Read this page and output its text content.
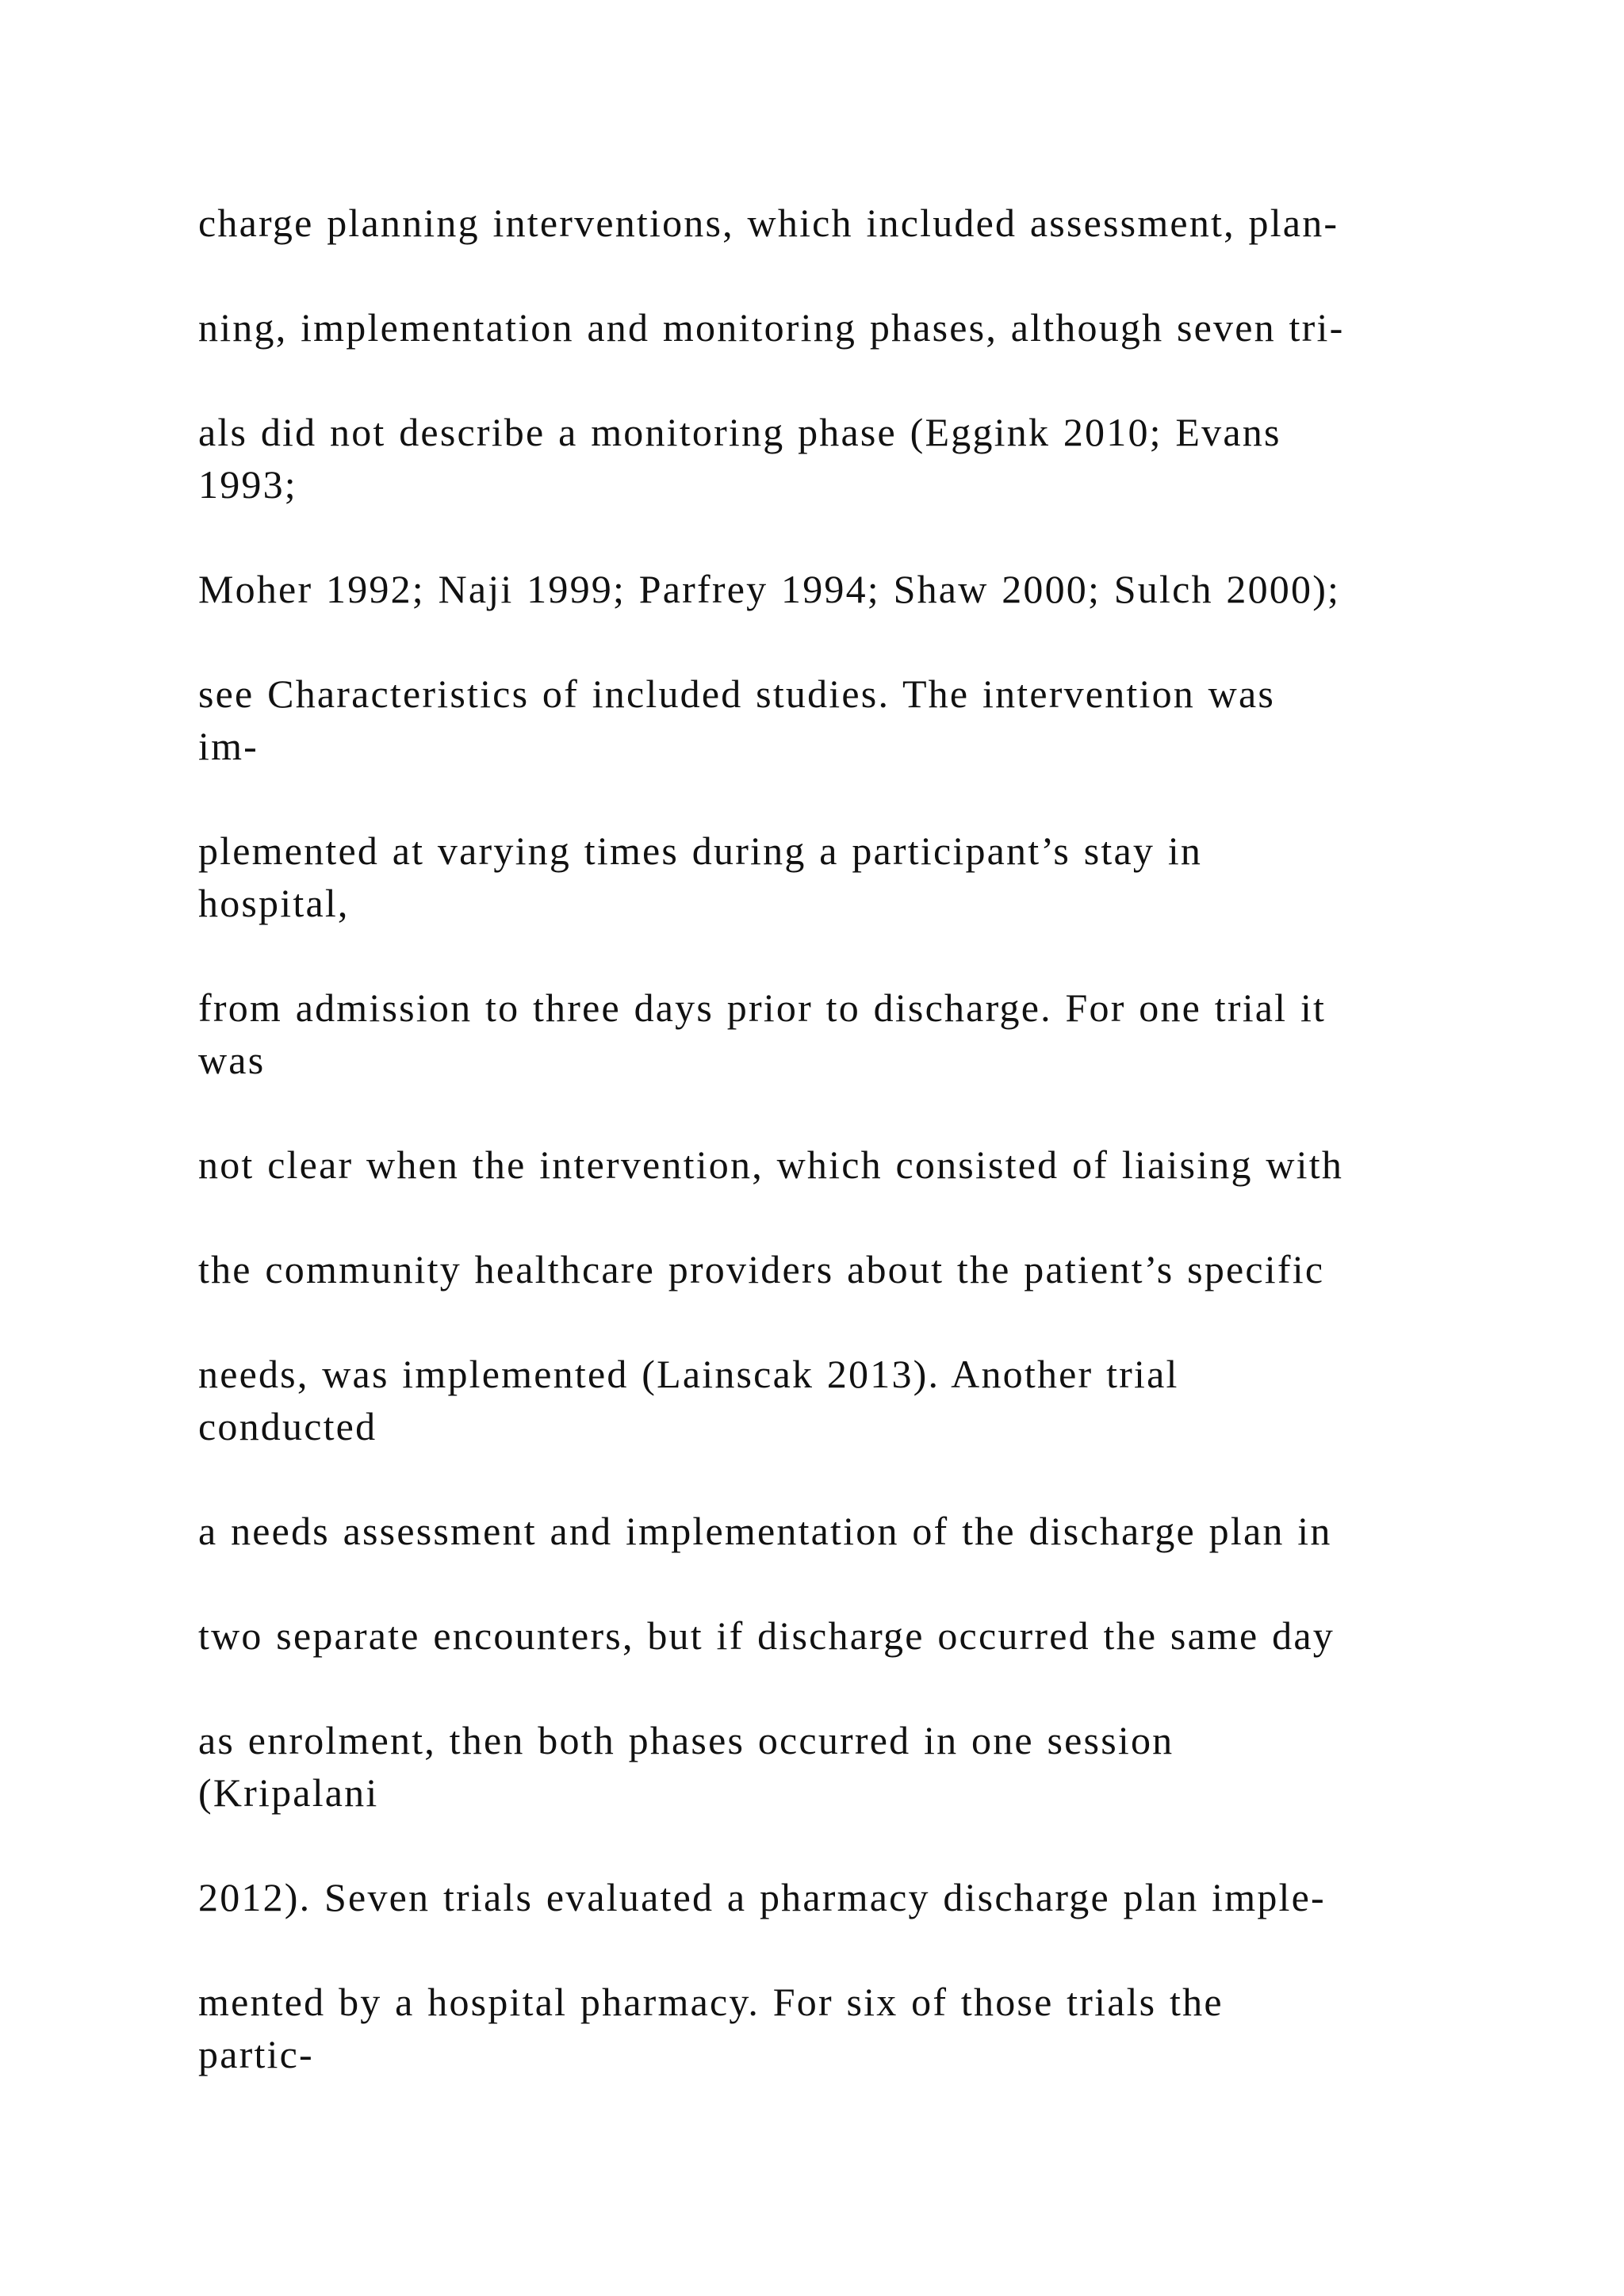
charge planning interventions, which included assessment, plan-
ning, implementation and monitoring phases, although seven tri-
als did not describe a monitoring phase (Eggink 2010; Evans
1993;
Moher 1992; Naji 1999; Parfrey 1994; Shaw 2000; Sulch 2000);
see Characteristics of included studies. The intervention was
im-
plemented at varying times during a participant’s stay in
hospital,
from admission to three days prior to discharge. For one trial it
was
not clear when the intervention, which consisted of liaising with
the community healthcare providers about the patient’s specific
needs, was implemented (Lainscak 2013). Another trial
conducted
a needs assessment and implementation of the discharge plan in
two separate encounters, but if discharge occurred the same day
as enrolment, then both phases occurred in one session
(Kripalani
2012). Seven trials evaluated a pharmacy discharge plan imple-
mented by a hospital pharmacy. For six of those trials the
partic-
